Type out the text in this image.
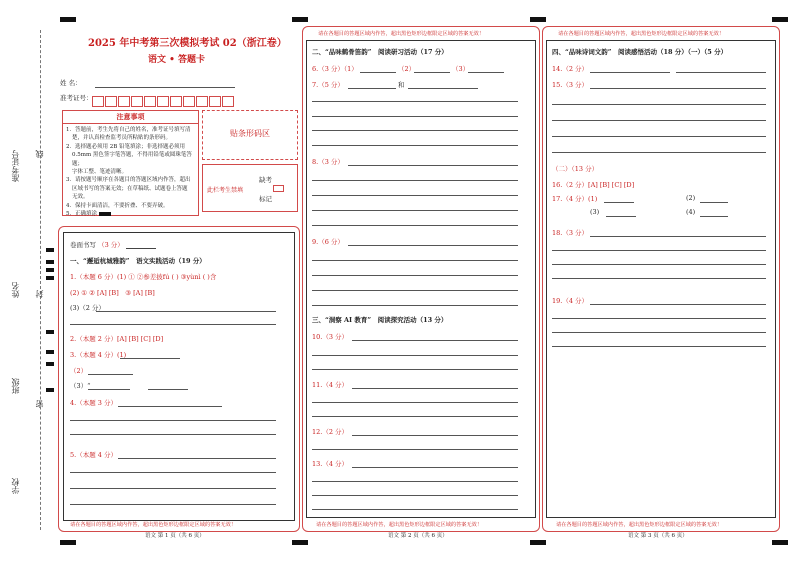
准考证号 线
姓名 封
班级
密
学校
2025 年中考第三次模拟考试 02（浙江卷）
语文 • 答题卡
姓 名：
准考证号：
注意事项
1．答题前，考生先将自己的姓名，准考证号填写清
楚，并认真检查监考员所粘贴的条形码。
2．选择题必须用 2B 铅笔填涂；非选择题必须用
0.5mm 黑色签字笔答题，不得用铅笔或圆珠笔答题；
字体工整、笔迹清晰。
3．请按题号顺序在各题目的答题区域内作答，超出
区域书写的答案无效；在草稿纸、试题卷上答题
无效。
4．保持卡面清洁，不要折叠、不要弄破。
5．正确填涂
贴条形码区
此栏考生禁填
缺考
标记
卷面书写 （3 分）
一、“邂逅杭城雅韵”　语文实践活动（19 分）
1.（本题 6 分）(1) ① ②参差披fú ( ) ③yùnì ( )含
(2) ① ② [A] [B]　③ [A] [B]
(3)（2 分）
2.（本题 2 分）[A] [B] [C] [D]
3.（本题 4 分）(1)
（2）
（3）“
4.（本题 3 分）
5.（本题 4 分）
请在各题目的答题区域内作答，超出黑色矩形边框限定区域的答案无效！
语文 第 1 页（共 6 页）
请在各题目的答题区域内作答，超出黑色矩形边框限定区域的答案无效！
二、“品味鹤骨笛韵”　阅读研习活动（17 分）
6.（3 分）（1）	（2）	（3）
7.（5 分）	和
8.（3 分）
9.（6 分）
三、“洞察 AI 教育”　阅读探究活动（13 分）
10.（3 分）
11.（4 分）
12.（2 分）
13.（4 分）
请在各题目的答题区域内作答，超出黑色矩形边框限定区域的答案无效！
语文 第 2 页（共 6 页）
请在各题目的答题区域内作答，超出黑色矩形边框限定区域的答案无效！
四、“品味诗词文韵”　阅读感悟活动（18 分）（一）（5 分）
14.（2 分）
15.（3 分）
（二）（13 分）
16.（2 分）[A] [B] [C] [D]
17.（4 分）(1)	(2)
(3)	(4)
18.（3 分）
19.（4 分）
请在各题目的答题区域内作答，超出黑色矩形边框限定区域的答案无效！
语文 第 3 页（共 6 页）
